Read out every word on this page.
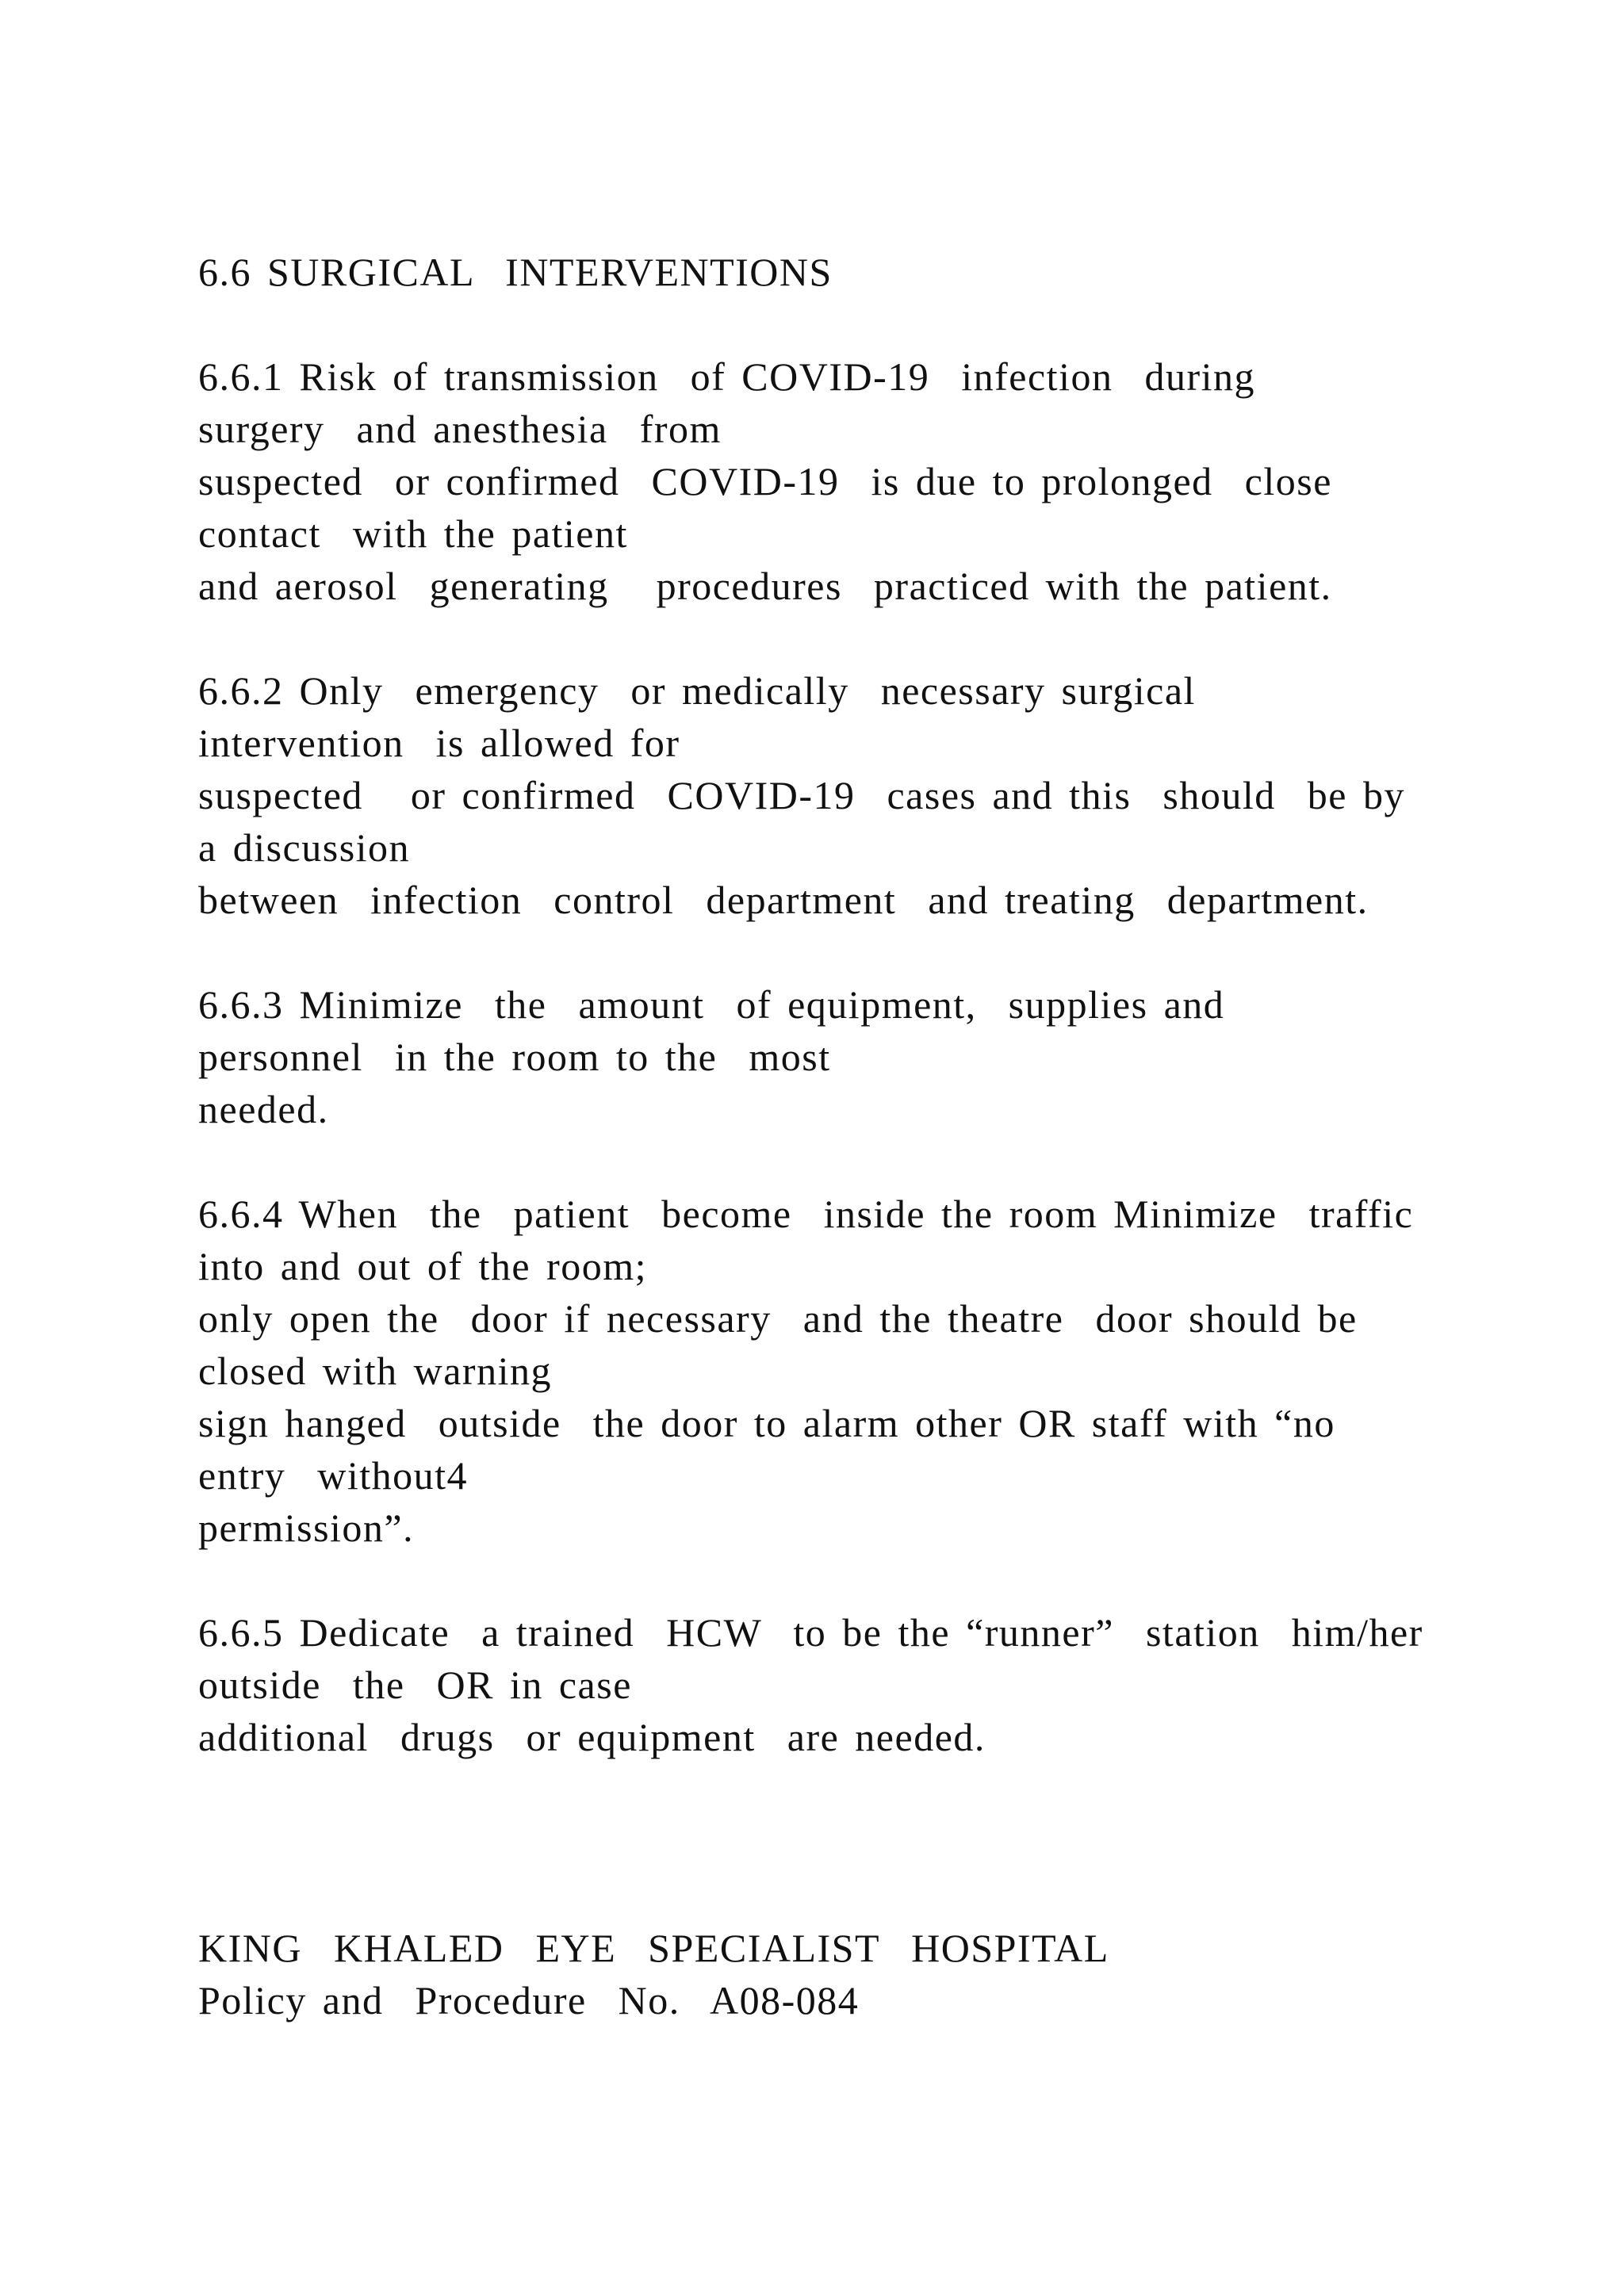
6.6 SURGICAL  INTERVENTIONS
6.6.1 Risk of transmission  of COVID-19  infection  during
surgery  and anesthesia  from
suspected  or confirmed  COVID-19  is due to prolonged  close
contact  with the patient
and aerosol  generating   procedures  practiced with the patient.
6.6.2 Only  emergency  or medically  necessary surgical
intervention  is allowed for
suspected   or confirmed  COVID-19  cases and this  should  be by
a discussion
between  infection  control  department  and treating  department.
6.6.3 Minimize  the  amount  of equipment,  supplies and
personnel  in the room to the  most
needed.
6.6.4 When  the  patient  become  inside the room Minimize  traffic
into and out of the room;
only open the  door if necessary  and the theatre  door should be
closed with warning
sign hanged  outside  the door to alarm other OR staff with “no
entry  without4
permission”.
6.6.5 Dedicate  a trained  HCW  to be the “runner”  station  him/her
outside  the  OR in case
additional  drugs  or equipment  are needed.
KING  KHALED  EYE  SPECIALIST  HOSPITAL
Policy and  Procedure  No.  A08-084
